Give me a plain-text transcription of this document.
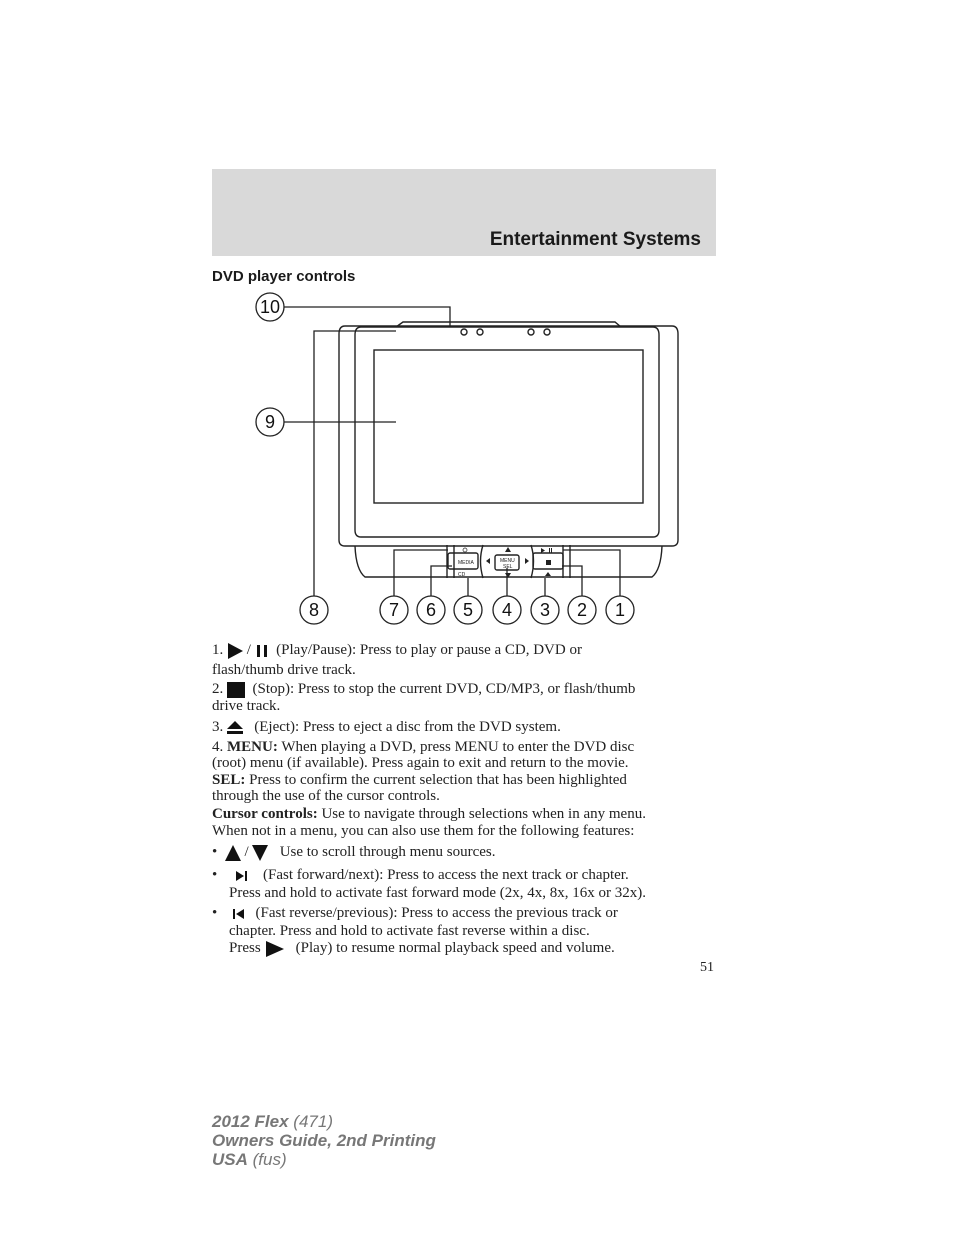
Entertainment Systems
DVD player controls
MEDIA	MENU
SEL
CD
10
9
8	7 6 5 4 3 2 1
1. / (Play/Pause): Press to play or pause a CD, DVD or
flash/thumb drive track.
2. (Stop): Press to stop the current DVD, CD/MP3, or flash/thumb
drive track.
3. (Eject): Press to eject a disc from the DVD system.
4. MENU: When playing a DVD, press MENU to enter the DVD disc
(root) menu (if available). Press again to exit and return to the movie.
SEL: Press to confirm the current selection that has been highlighted
through the use of the cursor controls.
Cursor controls: Use to navigate through selections when in any menu.
When not in a menu, you can also use them for the following features:
• / Use to scroll through menu sources.
•	(Fast forward/next): Press to access the next track or chapter.
Press and hold to activate fast forward mode (2x, 4x, 8x, 16x or 32x).
•	(Fast reverse/previous): Press to access the previous track or
chapter. Press and hold to activate fast reverse within a disc.
Press (Play) to resume normal playback speed and volume.
51
2012 Flex (471)
Owners Guide, 2nd Printing
USA (fus)
